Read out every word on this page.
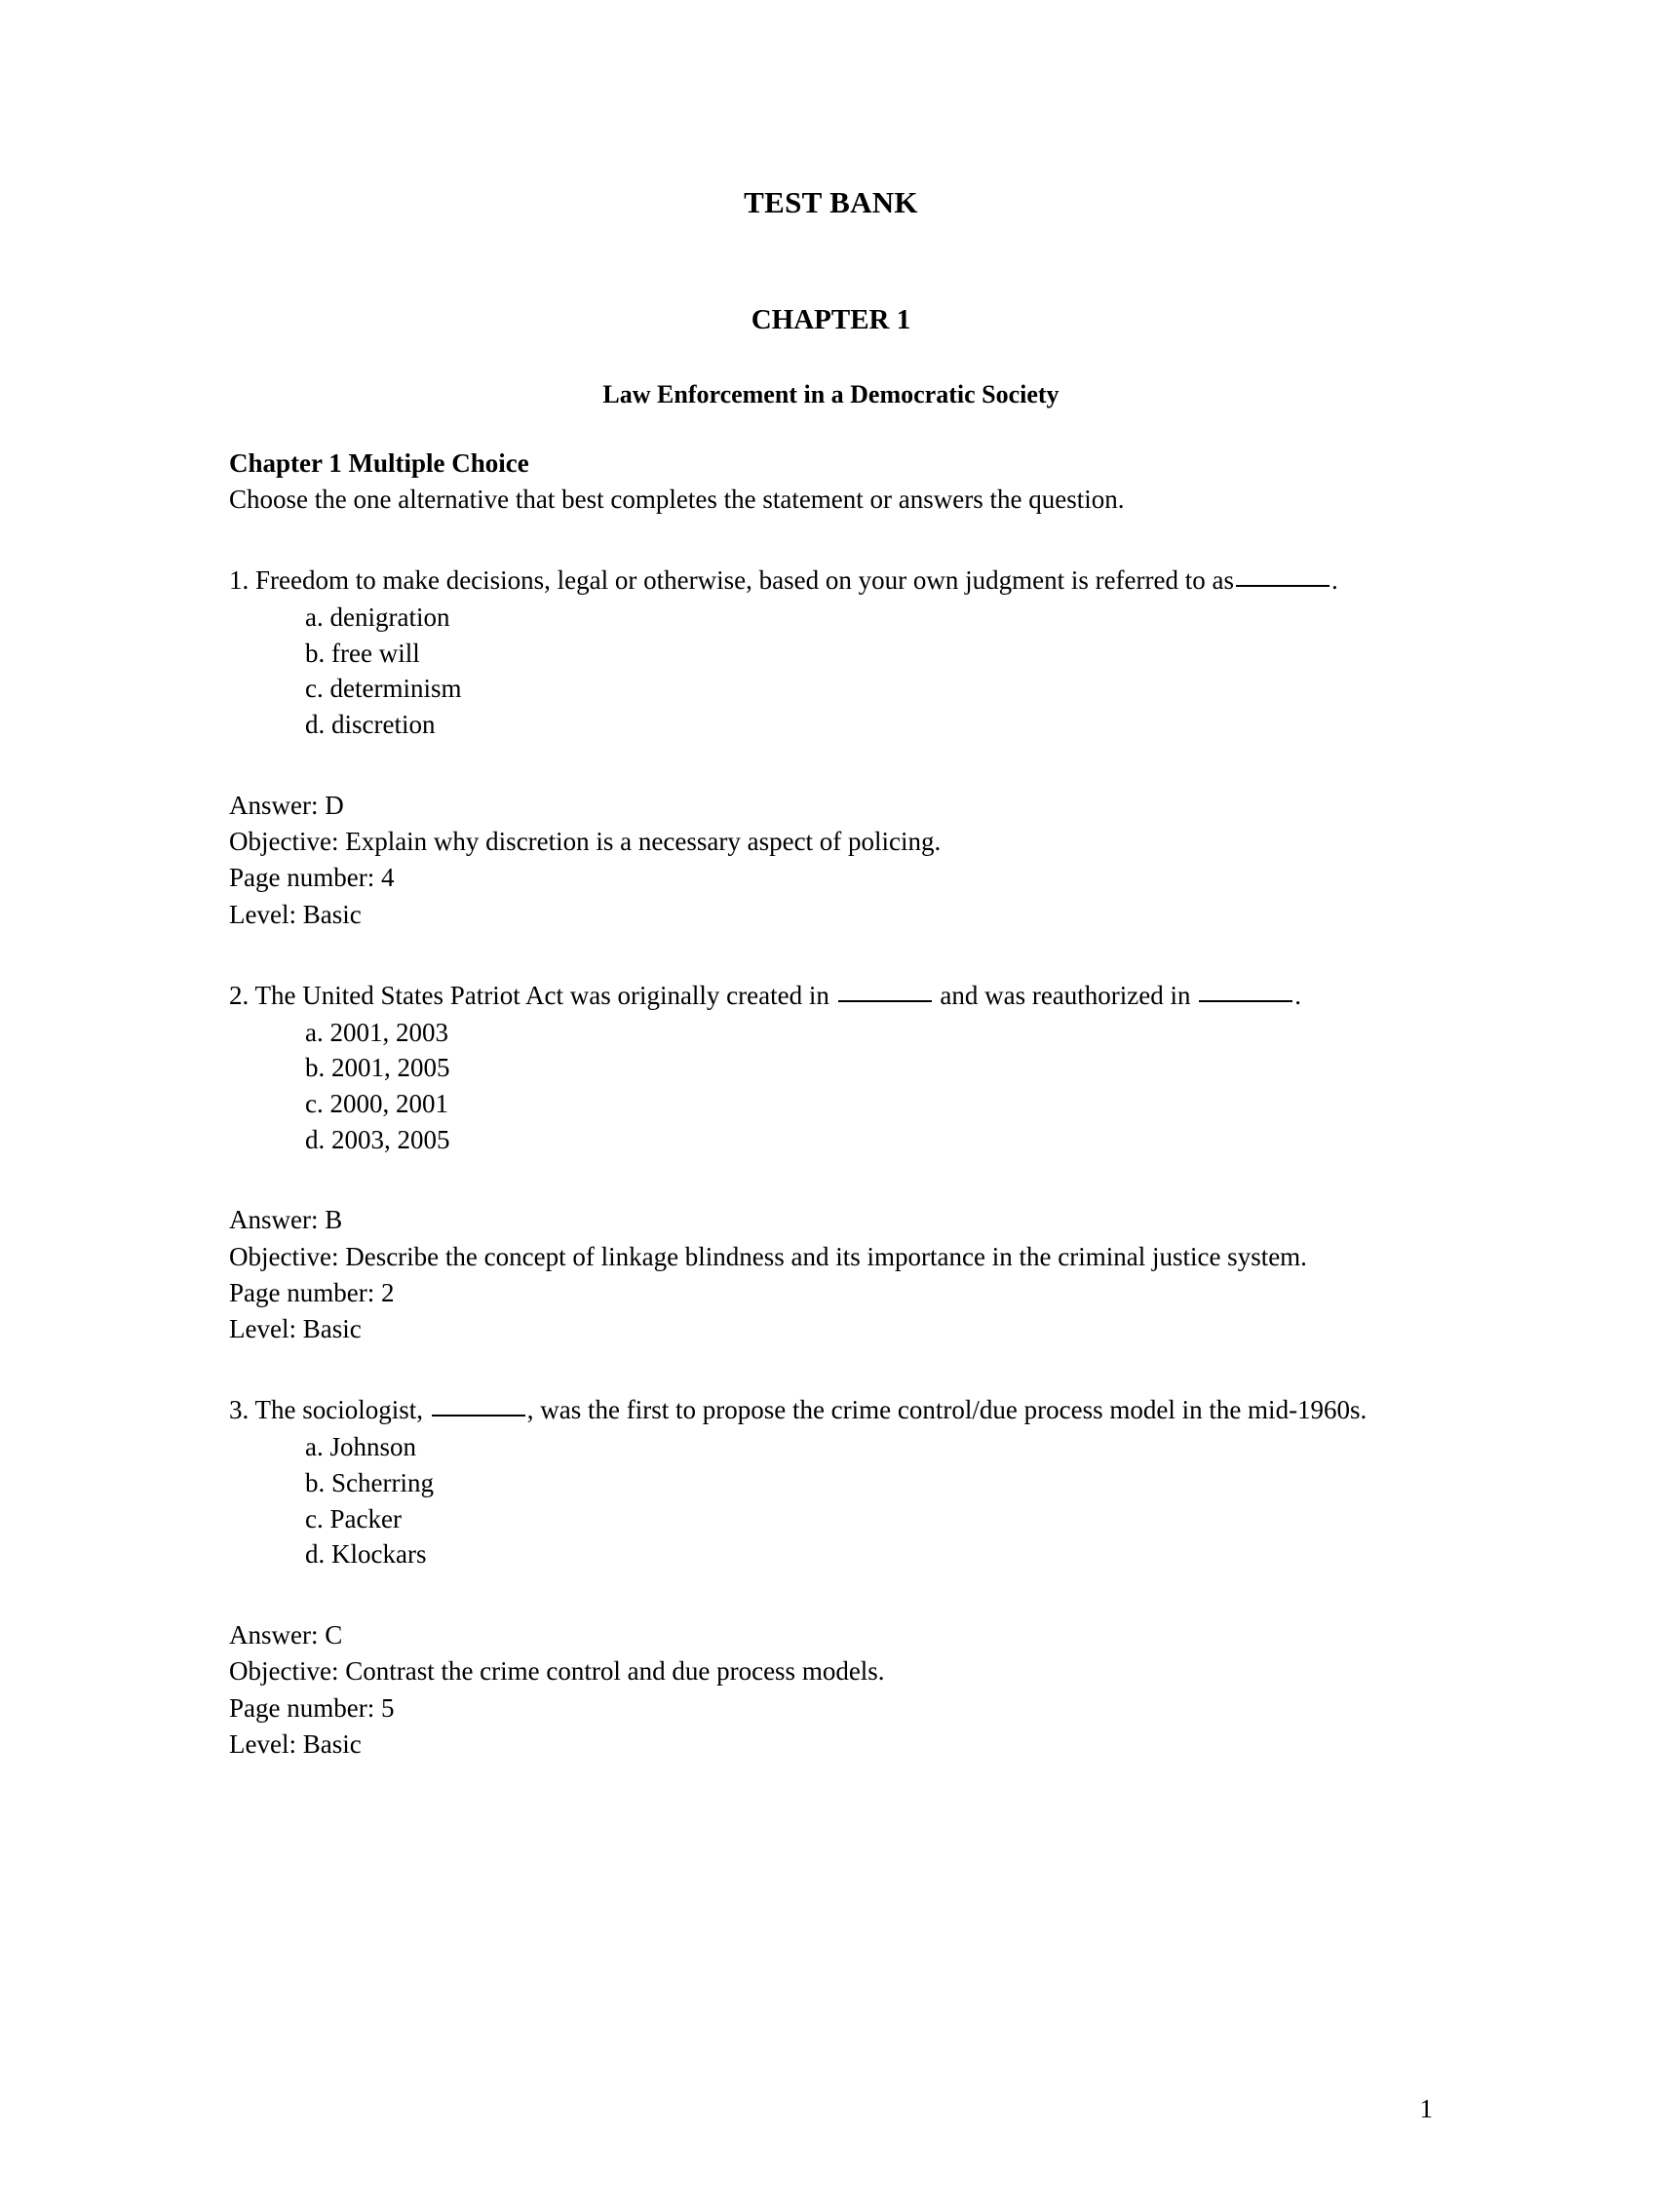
TEST BANK
CHAPTER 1
Law Enforcement in a Democratic Society

Chapter 1 Multiple Choice

Choose the one alternative that best completes the statement or answers the question.

1. Freedom to make decisions, legal or otherwise, based on your own judgment is referred to as	.

a. denigration
b. free will
c. determinism
d. discretion

Answer: D

Objective: Explain why discretion is a necessary aspect of policing.

Page number: 4

Level: Basic

2. The United States Patriot Act was originally created in	and was reauthorized in	.

a. 2001, 2003
b. 2001, 2005
c. 2000, 2001
d. 2003, 2005

Answer: B

Objective: Describe the concept of linkage blindness and its importance in the criminal justice system.

Page number: 2

Level: Basic

3. The sociologist,	, was the first to propose the crime control/due process model in the mid-1960s.

a. Johnson
b. Scherring
c. Packer
d. Klockars

Answer: C

Objective: Contrast the crime control and due process models.

Page number: 5

Level: Basic

1
